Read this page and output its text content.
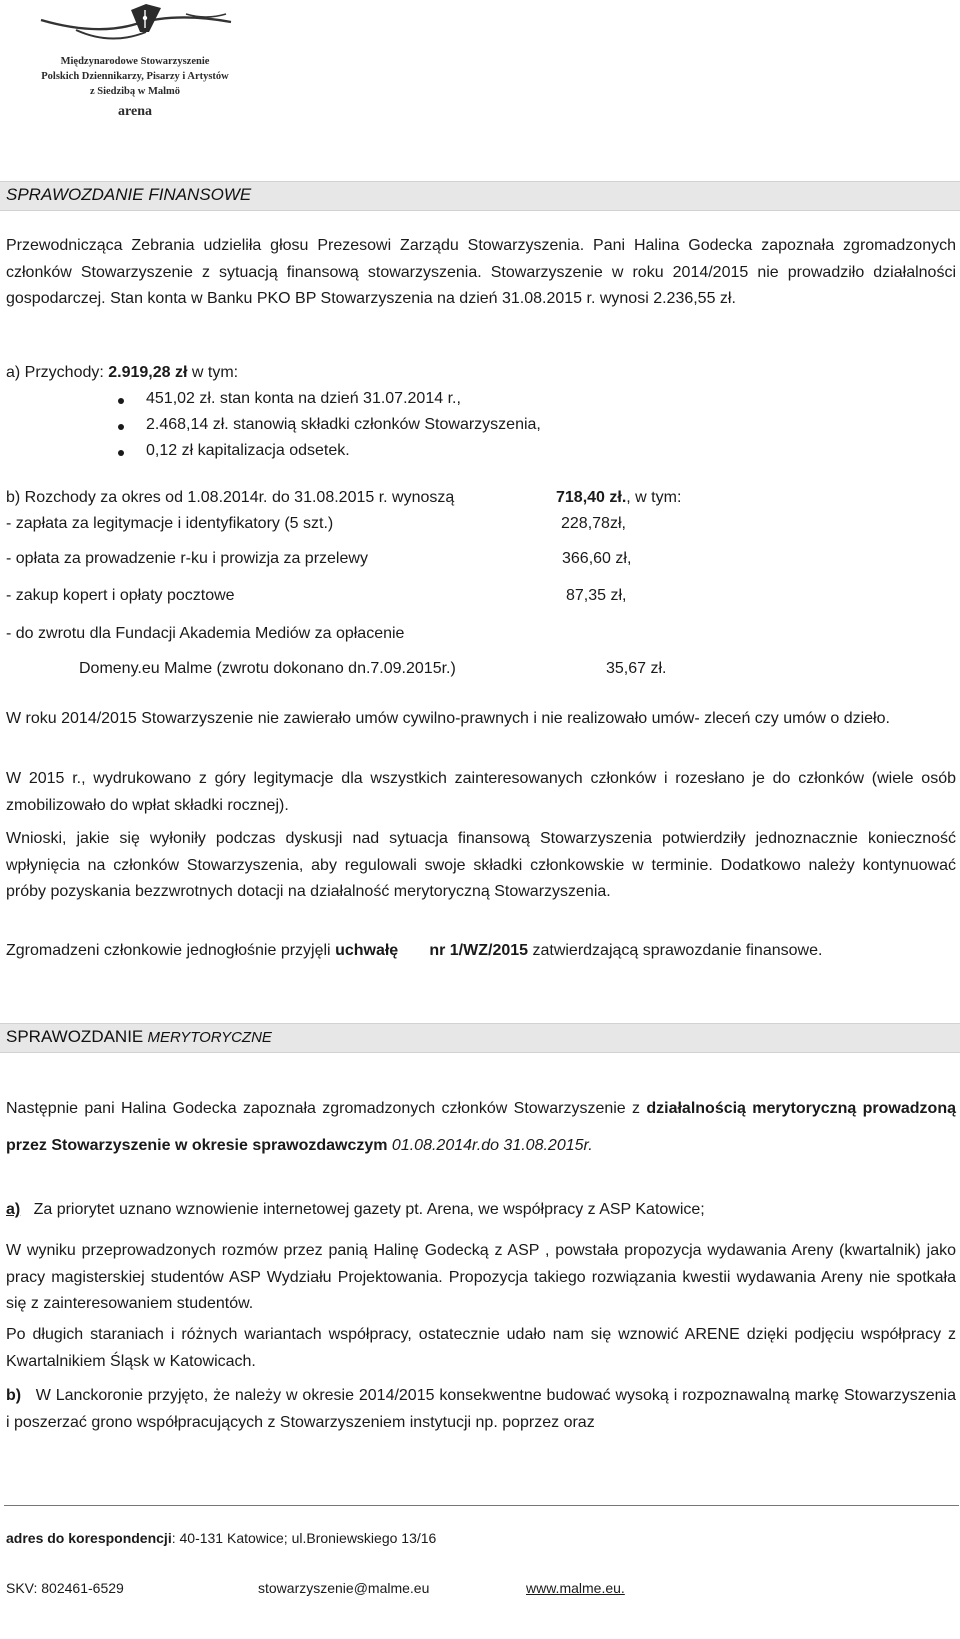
Międzynarodowe Stowarzyszenie
Polskich Dziennikarzy, Pisarzy i Artystów
z Siedzibą w Malmö
arena
SPRAWOZDANIE FINANSOWE
Przewodnicząca Zebrania udzieliła głosu Prezesowi Zarządu Stowarzyszenia. Pani Halina Godecka zapoznała zgromadzonych członków Stowarzyszenie z sytuacją finansową stowarzyszenia. Stowarzyszenie w roku 2014/2015 nie prowadziło działalności gospodarczej. Stan konta w Banku PKO BP Stowarzyszenia na dzień 31.08.2015 r. wynosi 2.236,55 zł.
a) Przychody: 2.919,28 zł w tym:
451,02 zł. stan konta na dzień 31.07.2014 r.,
2.468,14 zł. stanowią składki członków Stowarzyszenia,
0,12 zł kapitalizacja odsetek.
b) Rozchody za okres od 1.08.2014r. do 31.08.2015 r. wynoszą	718,40 zł., w tym:
- zapłata za legitymacje i identyfikatory (5 szt.)	228,78zł,
- opłata za prowadzenie r-ku i prowizja za przelewy	366,60 zł,
- zakup kopert i opłaty pocztowe	87,35 zł,
- do zwrotu dla Fundacji Akademia Mediów za opłacenie
Domeny.eu Malme (zwrotu dokonano dn.7.09.2015r.)	35,67 zł.
W roku 2014/2015 Stowarzyszenie nie zawierało umów cywilno-prawnych i nie realizowało umów- zleceń czy umów o dzieło.
W 2015 r., wydrukowano z góry legitymacje dla wszystkich zainteresowanych członków i rozesłano je do członków (wiele osób zmobilizowało do wpłat składki rocznej).
Wnioski, jakie się wyłoniły podczas dyskusji nad sytuacja finansową Stowarzyszenia potwierdziły jednoznacznie konieczność wpłynięcia na członków Stowarzyszenia, aby regulowali swoje składki członkowskie w terminie. Dodatkowo należy kontynuować próby pozyskania bezzwrotnych dotacji na działalność merytoryczną Stowarzyszenia.
Zgromadzeni członkowie jednogłośnie przyjęli uchwałę nr 1/WZ/2015 zatwierdzającą sprawozdanie finansowe.
SPRAWOZDANIE MERYTORYCZNE
Następnie pani Halina Godecka zapoznała zgromadzonych członków Stowarzyszenie z działalnością merytoryczną prowadzoną przez Stowarzyszenie w okresie sprawozdawczym 01.08.2014r.do 31.08.2015r.
a) Za priorytet uznano wznowienie internetowej gazety pt. Arena, we współpracy z ASP Katowice;
W wyniku przeprowadzonych rozmów przez panią Halinę Godecką z ASP , powstała propozycja wydawania Areny (kwartalnik) jako pracy magisterskiej studentów ASP Wydziału Projektowania. Propozycja takiego rozwiązania kwestii wydawania Areny nie spotkała się z zainteresowaniem studentów.
Po długich staraniach i różnych wariantach współpracy, ostatecznie udało nam się wznowić ARENE dzięki podjęciu współpracy z Kwartalnikiem Śląsk w Katowicach.
b) W Lanckoronie przyjęto, że należy w okresie 2014/2015 konsekwentne budować wysoką i rozpoznawalną markę Stowarzyszenia i poszerzać grono współpracujących z Stowarzyszeniem instytucji np. poprzez oraz
adres do korespondencji: 40-131 Katowice; ul.Broniewskiego 13/16
SKV: 802461-6529	stowarzyszenie@malme.eu	www.malme.eu.
